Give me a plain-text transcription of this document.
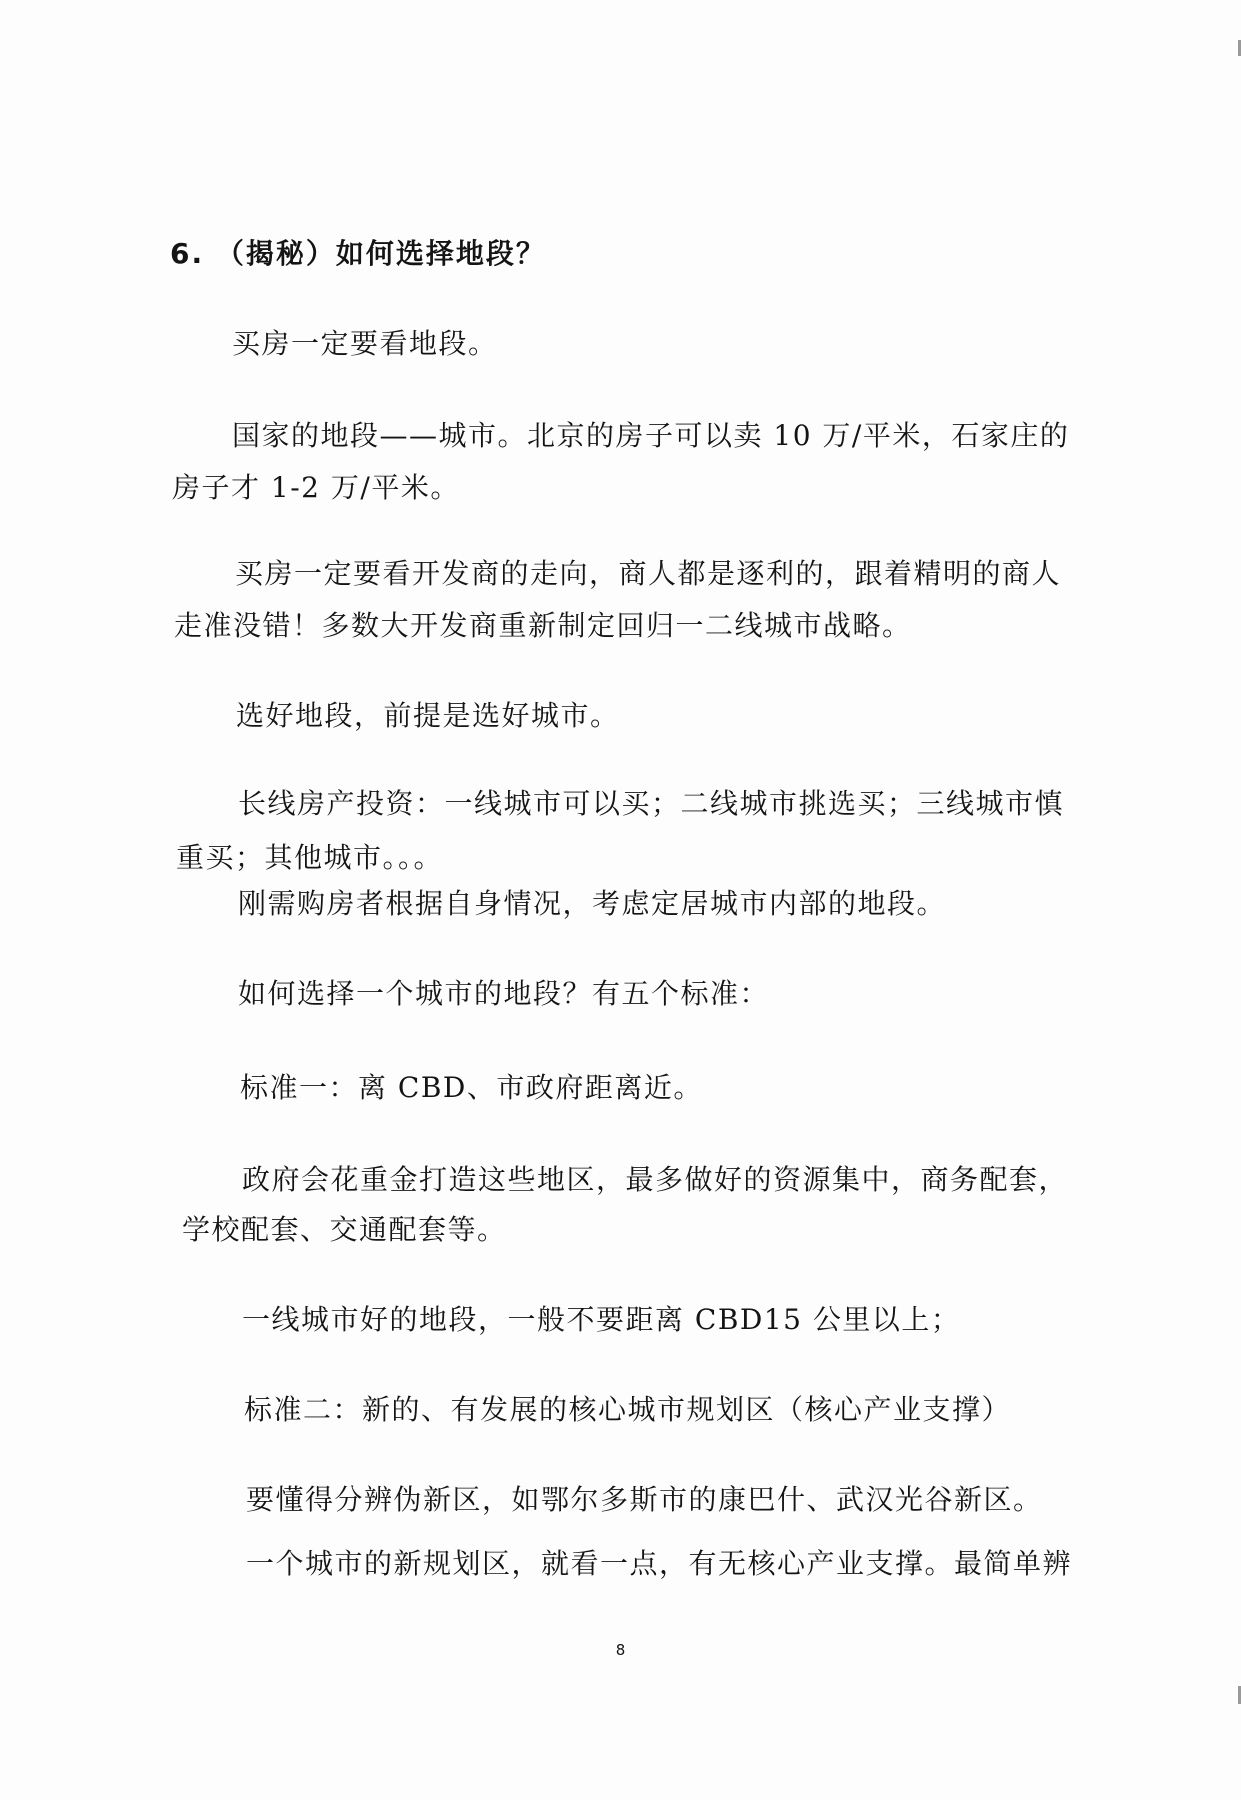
6. （揭秘）如何选择地段？

买房一定要看地段。

国家的地段——城市。北京的房子可以卖 10 万/平米，石家庄的

房子才 1-2 万/平米。

买房一定要看开发商的走向，商人都是逐利的，跟着精明的商人

走准没错！多数大开发商重新制定回归一二线城市战略。

选好地段，前提是选好城市。

长线房产投资：一线城市可以买；二线城市挑选买；三线城市慎

重买；其他城市。。。

刚需购房者根据自身情况，考虑定居城市内部的地段。

如何选择一个城市的地段？有五个标准：

标准一：离 CBD、市政府距离近。

政府会花重金打造这些地区，最多做好的资源集中，商务配套，

学校配套、交通配套等。

一线城市好的地段，一般不要距离 CBD15 公里以上；

标准二：新的、有发展的核心城市规划区（核心产业支撑）

要懂得分辨伪新区，如鄂尔多斯市的康巴什、武汉光谷新区。

一个城市的新规划区，就看一点，有无核心产业支撑。最简单辨

8
